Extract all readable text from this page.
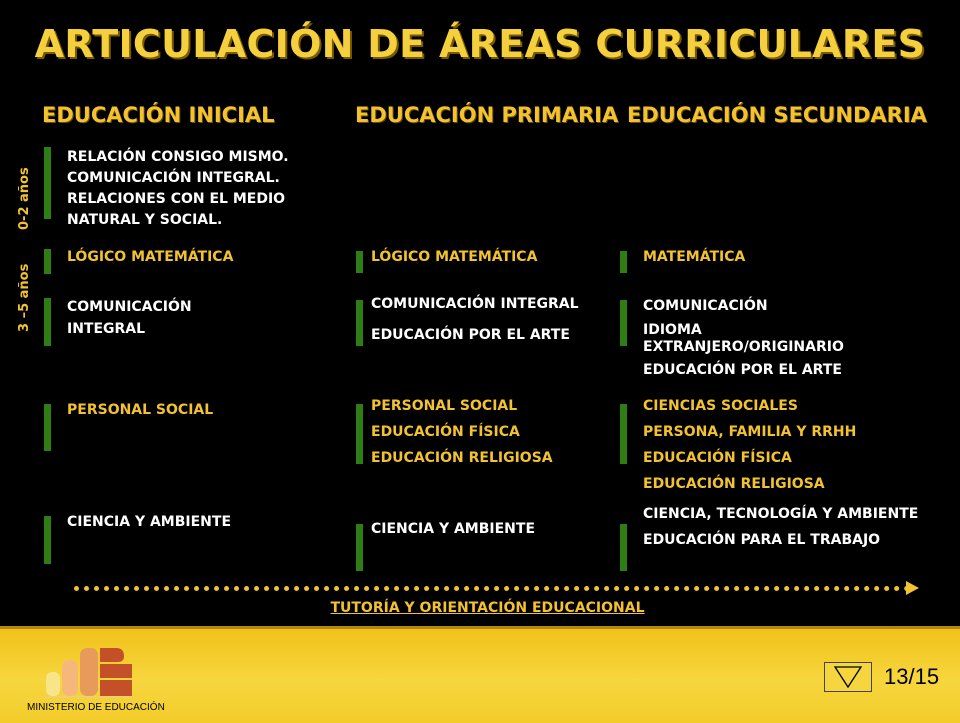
ARTICULACIÓN DE ÁREAS CURRICULARES
EDUCACIÓN INICIAL	EDUCACIÓN PRIMARIA EDUCACIÓN SECUNDARIA
0-2 años
3 –5 años
RELACIÓN CONSIGO MISMO.
COMUNICACIÓN INTEGRAL.
RELACIONES CON EL MEDIO
NATURAL Y SOCIAL.
LÓGICO MATEMÁTICA
COMUNICACIÓN
INTEGRAL
PERSONAL SOCIAL
CIENCIA Y AMBIENTE
LÓGICO MATEMÁTICA
COMUNICACIÓN INTEGRAL
EDUCACIÓN POR EL ARTE
PERSONAL SOCIAL
EDUCACIÓN FÍSICA
EDUCACIÓN RELIGIOSA
CIENCIA Y AMBIENTE
MATEMÁTICA
COMUNICACIÓN
IDIOMA
EXTRANJERO/ORIGINARIO
EDUCACIÓN POR EL ARTE
CIENCIAS SOCIALES
PERSONA, FAMILIA Y RRHH
EDUCACIÓN FÍSICA
EDUCACIÓN RELIGIOSA
CIENCIA, TECNOLOGÍA Y AMBIENTE
EDUCACIÓN PARA EL TRABAJO
TUTORÍA Y ORIENTACIÓN EDUCACIONAL
MINISTERIO DE EDUCACIÓN
13/15
